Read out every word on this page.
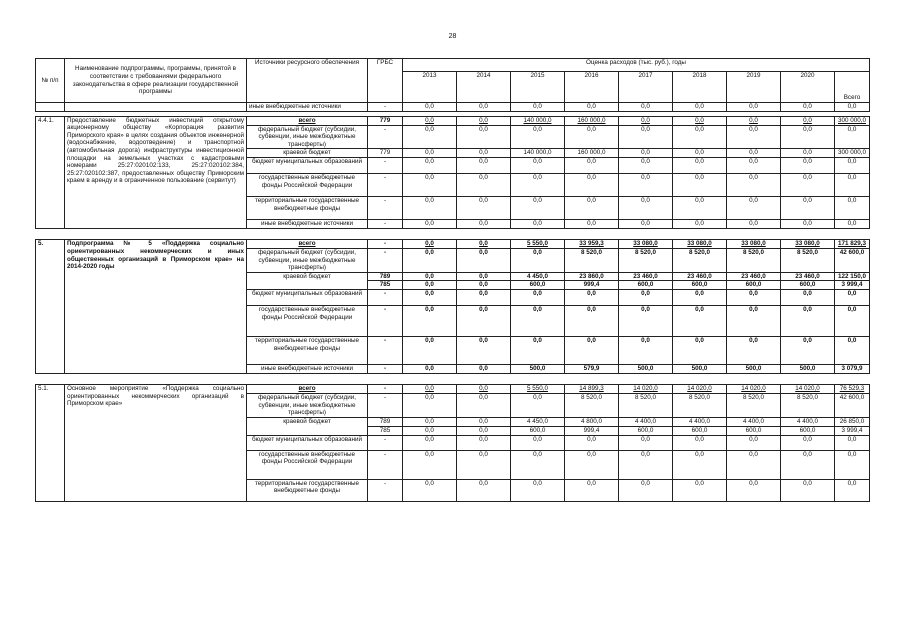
28
№ п/п	Наименование подпрограммы, программы, принятой в соответствии с требованиями федерального законодательства в сфере реализации государственной программы	Источники ресурсного обеспечения	ГРБС	Оценка расходов (тыс. руб.), годы								
				2013	2014	2015	2016	2017	2018	2019	2020	Всего
		иные внебюджетные источники	-	0,0	0,0	0,0	0,0	0,0	0,0	0,0	0,0	0,0

4.4.1.	Предоставление бюджетных инвестиций открытому акционерному обществу «Корпорация развития Приморского края» в целях создания объектов инженерной (водоснабжение, водоотведение) и транспортной (автомобильная дорога) инфраструктуры инвестиционной площадки на земельных участках с кадастровыми номерами 25:27:020102:133, 25:27:020102:384, 25:27:020102:387, предоставленных обществу Приморским краем в аренду и в ограниченное пользование (сервитут)	всего	779	0,0	0,0	140 000,0	160 000,0	0,0	0,0	0,0	0,0	300 000,0
		федеральный бюджет (субсидии, субвенции, иные межбюджетные трансферты)	-	0,0	0,0	0,0	0,0	0,0	0,0	0,0	0,0	0,0
		краевой бюджет	779	0,0	0,0	140 000,0	160 000,0	0,0	0,0	0,0	0,0	300 000,0
		бюджет муниципальных образований	-	0,0	0,0	0,0	0,0	0,0	0,0	0,0	0,0	0,0
		государственные внебюджетные фонды Российской Федерации	-	0,0	0,0	0,0	0,0	0,0	0,0	0,0	0,0	0,0
		территориальные государственные внебюджетные фонды	-	0,0	0,0	0,0	0,0	0,0	0,0	0,0	0,0	0,0
		иные внебюджетные источники	-	0,0	0,0	0,0	0,0	0,0	0,0	0,0	0,0	0,0

5.	Подпрограмма № 5 «Поддержка социально ориентированных некоммерческих и иных общественных организаций в Приморском крае» на 2014-2020 годы	всего	-	0,0	0,0	5 550,0	33 959,3	33 080,0	33 080,0	33 080,0	33 080,0	171 829,3
		федеральный бюджет (субсидии, субвенции, иные межбюджетные трансферты)	-	0,0	0,0	0,0	8 520,0	8 520,0	8 520,0	8 520,0	8 520,0	42 600,0
		краевой бюджет	789	0,0	0,0	4 450,0	23 860,0	23 460,0	23 460,0	23 460,0	23 460,0	122 150,0
			785	0,0	0,0	600,0	999,4	600,0	600,0	600,0	600,0	3 999,4
		бюджет муниципальных образований	-	0,0	0,0	0,0	0,0	0,0	0,0	0,0	0,0	0,0
		государственные внебюджетные фонды Российской Федерации	-	0,0	0,0	0,0	0,0	0,0	0,0	0,0	0,0	0,0
		территориальные государственные внебюджетные фонды	-	0,0	0,0	0,0	0,0	0,0	0,0	0,0	0,0	0,0
		иные внебюджетные источники	-	0,0	0,0	500,0	579,9	500,0	500,0	500,0	500,0	3 079,9

5.1.	Основное мероприятие «Поддержка социально ориентированных некоммерческих организаций в Приморском крае»	всего	-	0,0	0,0	5 550,0	14 899,3	14 020,0	14 020,0	14 020,0	14 020,0	76 529,3
		федеральный бюджет (субсидии, субвенции, иные межбюджетные трансферты)	-	0,0	0,0	0,0	8 520,0	8 520,0	8 520,0	8 520,0	8 520,0	42 600,0
		краевой бюджет	789	0,0	0,0	4 450,0	4 800,0	4 400,0	4 400,0	4 400,0	4 400,0	26 850,0
			785	0,0	0,0	600,0	999,4	600,0	600,0	600,0	600,0	3 999,4
		бюджет муниципальных образований	-	0,0	0,0	0,0	0,0	0,0	0,0	0,0	0,0	0,0
		государственные внебюджетные фонды Российской Федерации	-	0,0	0,0	0,0	0,0	0,0	0,0	0,0	0,0	0,0
		территориальные государственные внебюджетные фонды	-	0,0	0,0	0,0	0,0	0,0	0,0	0,0	0,0	0,0
